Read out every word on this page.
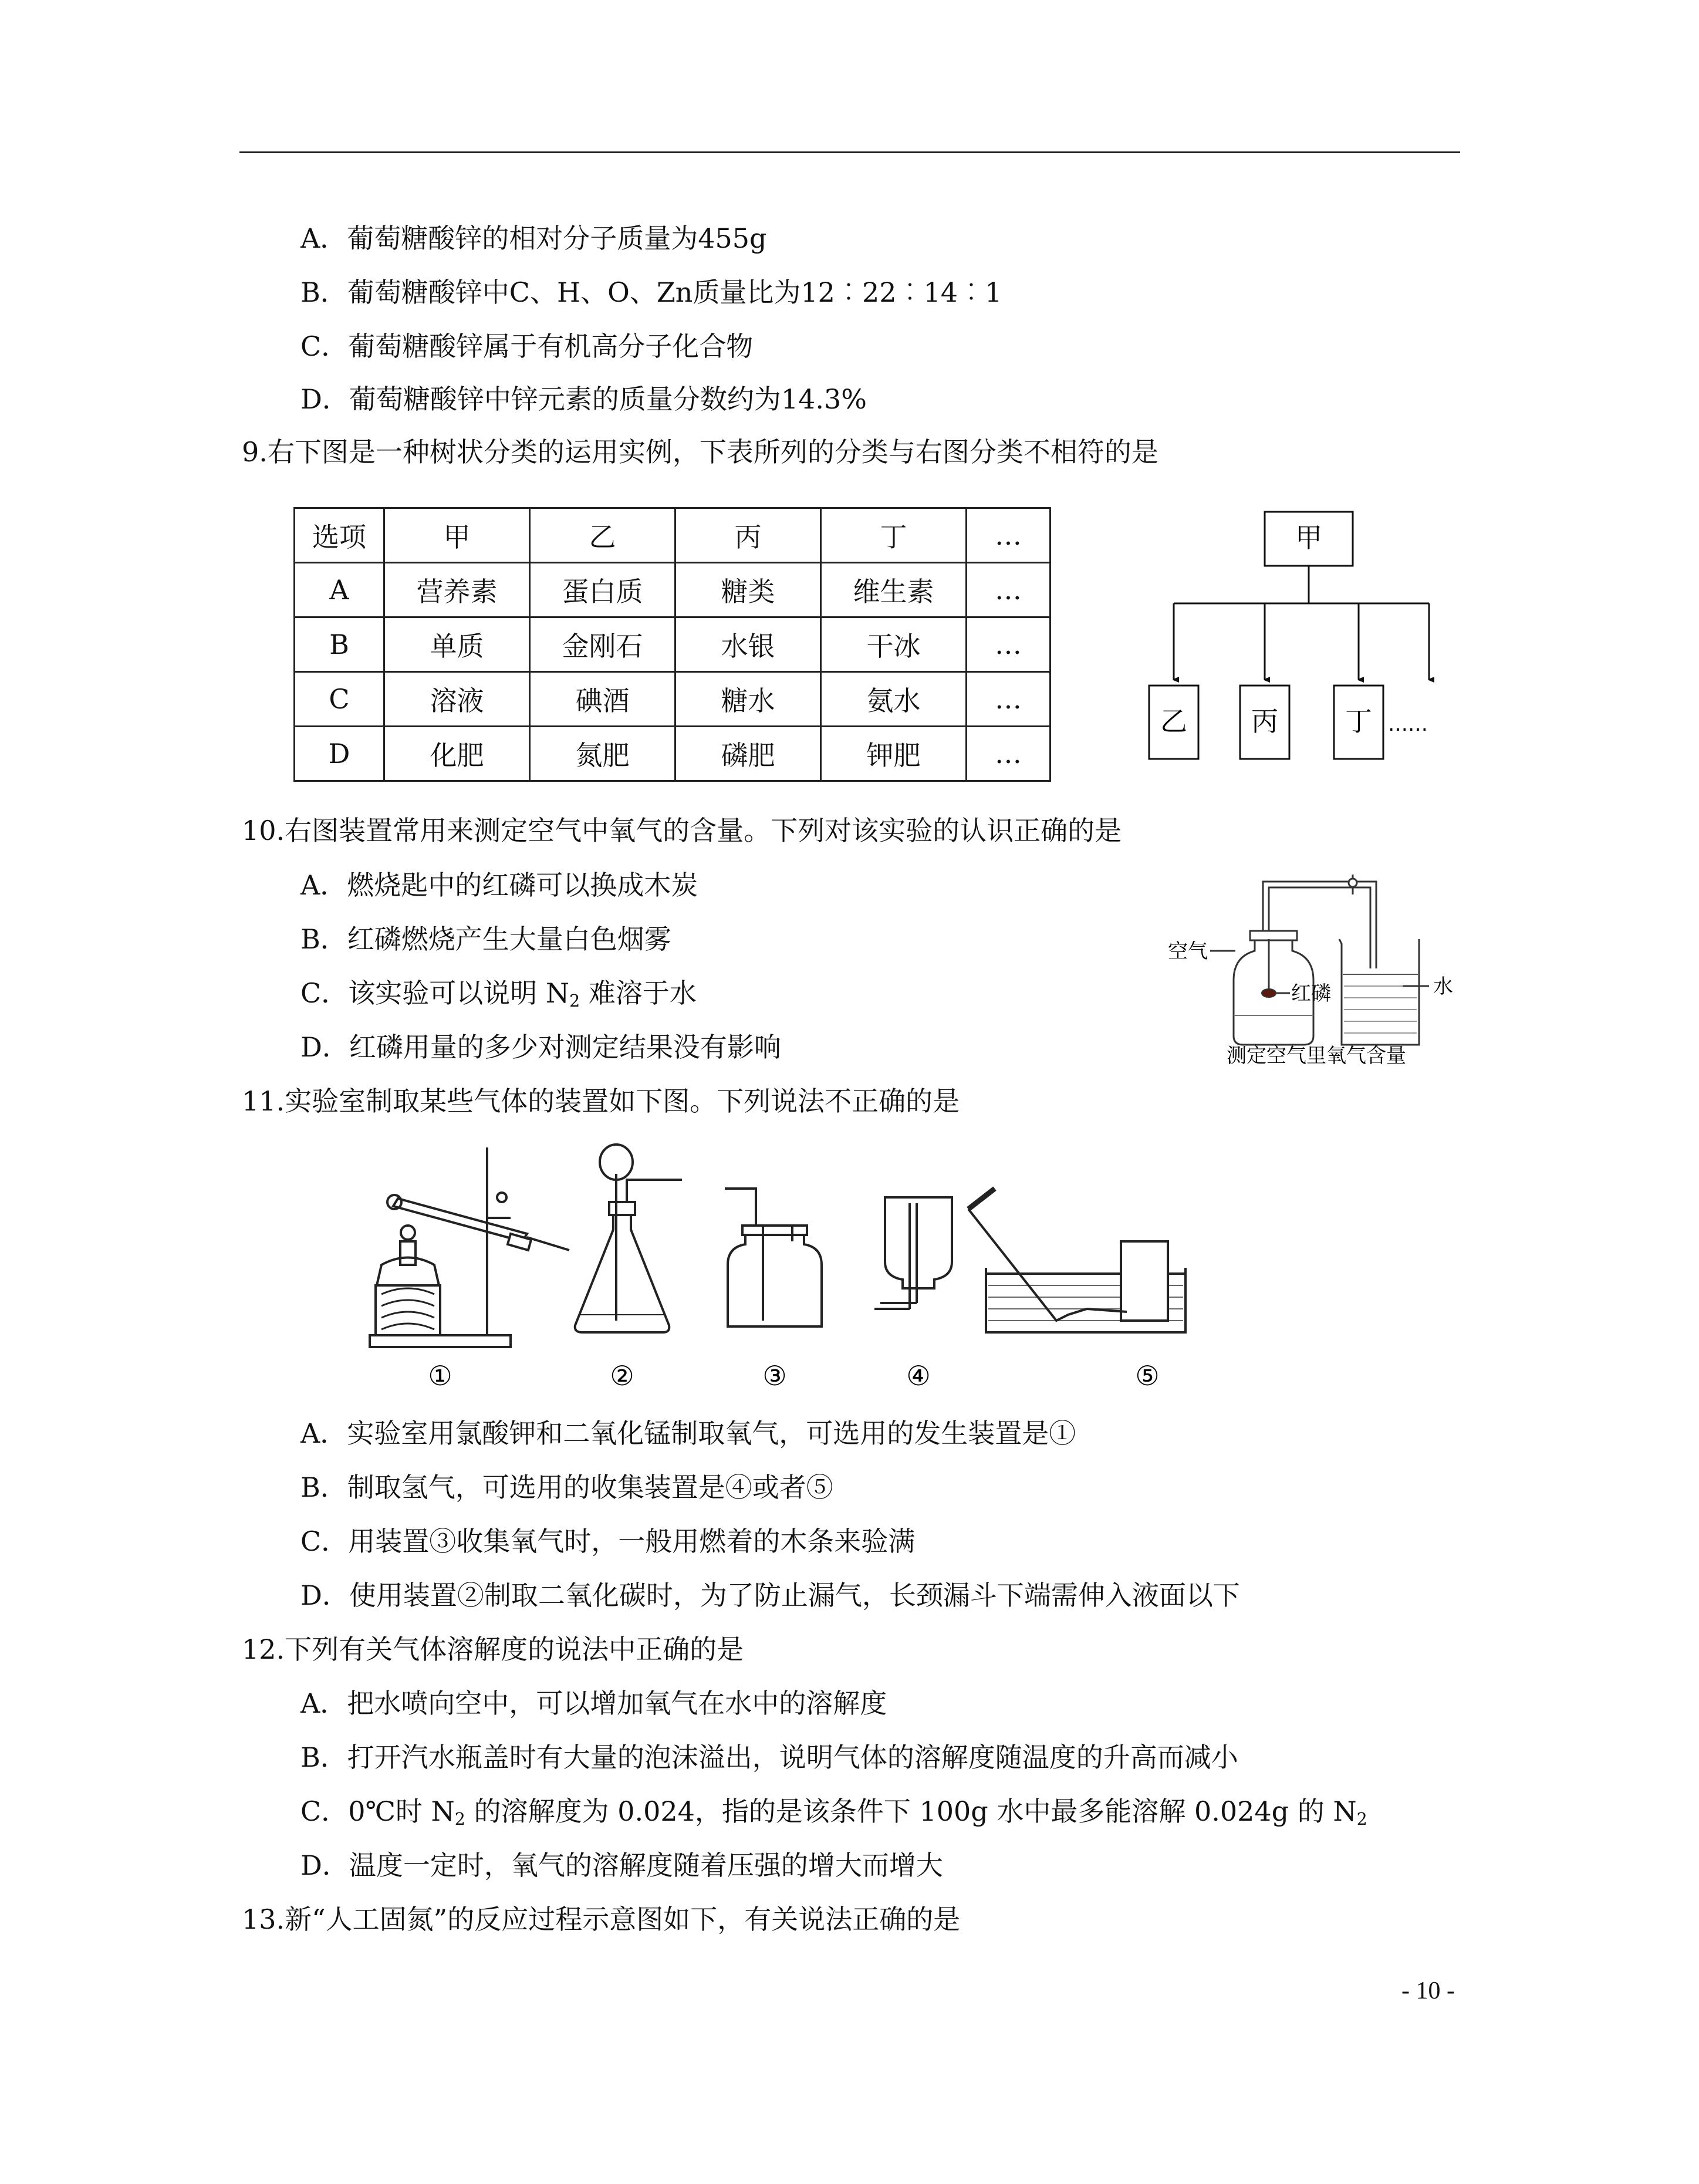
A．葡萄糖酸锌的相对分子质量为455g
B．葡萄糖酸锌中C、H、O、Zn质量比为12︰22︰14︰1
C．葡萄糖酸锌属于有机高分子化合物
D．葡萄糖酸锌中锌元素的质量分数约为14.3%
9.右下图是一种树状分类的运用实例，下表所列的分类与右图分类不相符的是
选项	甲	乙	丙	丁	…
A	营养素	蛋白质	糖类	维生素	…
B	单质	金刚石	水银	干冰	…
C	溶液	碘酒	糖水	氨水	…
D	化肥	氮肥	磷肥	钾肥	…
甲
乙 丙 丁 ……
10.右图装置常用来测定空气中氧气的含量。下列对该实验的认识正确的是
A．燃烧匙中的红磷可以换成木炭
B．红磷燃烧产生大量白色烟雾
C．该实验可以说明 $N_2$ 难溶于水
D．红磷用量的多少对测定结果没有影响
空气
红磷	水
测定空气里氧气含量
11.实验室制取某些气体的装置如下图。下列说法不正确的是
①	②	③	④	⑤
A．实验室用氯酸钾和二氧化锰制取氧气，可选用的发生装置是①
B．制取氢气，可选用的收集装置是④或者⑤
C．用装置③收集氧气时，一般用燃着的木条来验满
D．使用装置②制取二氧化碳时，为了防止漏气，长颈漏斗下端需伸入液面以下
12.下列有关气体溶解度的说法中正确的是
A．把水喷向空中，可以增加氧气在水中的溶解度
B．打开汽水瓶盖时有大量的泡沫溢出，说明气体的溶解度随温度的升高而减小
C．0℃时 $N_2$ 的溶解度为 0.024，指的是该条件下 100g 水中最多能溶解 0.024g 的 $N_2$
D．温度一定时，氧气的溶解度随着压强的增大而增大
13.新“人工固氮”的反应过程示意图如下，有关说法正确的是
- 10 -
